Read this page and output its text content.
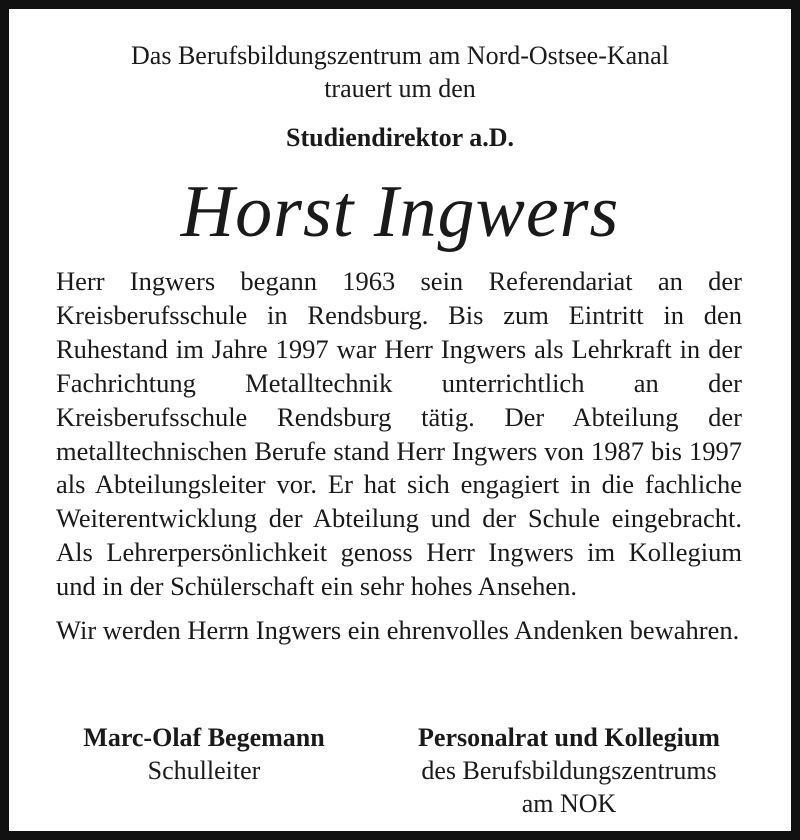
Das Berufsbildungszentrum am Nord-Ostsee-Kanal
trauert um den
Studiendirektor a.D.
Horst Ingwers

Herr Ingwers begann 1963 sein Referendariat an der Kreisberufsschule in Rendsburg. Bis zum Eintritt in den Ruhestand im Jahre 1997 war Herr Ingwers als Lehrkraft in der Fachrichtung Metalltechnik unterrichtlich an der Kreisberufsschule Rendsburg tätig. Der Abteilung der metalltechnischen Berufe stand Herr Ingwers von 1987 bis 1997 als Abteilungsleiter vor. Er hat sich engagiert in die fachliche Weiterentwicklung der Abteilung und der Schule eingebracht. Als Lehrerpersönlichkeit genoss Herr Ingwers im Kollegium und in der Schülerschaft ein sehr hohes Ansehen.

Wir werden Herrn Ingwers ein ehrenvolles Andenken bewahren.

Marc-Olaf Begemann
Schulleiter
Personalrat und Kollegium
des Berufsbildungszentrums
am NOK
